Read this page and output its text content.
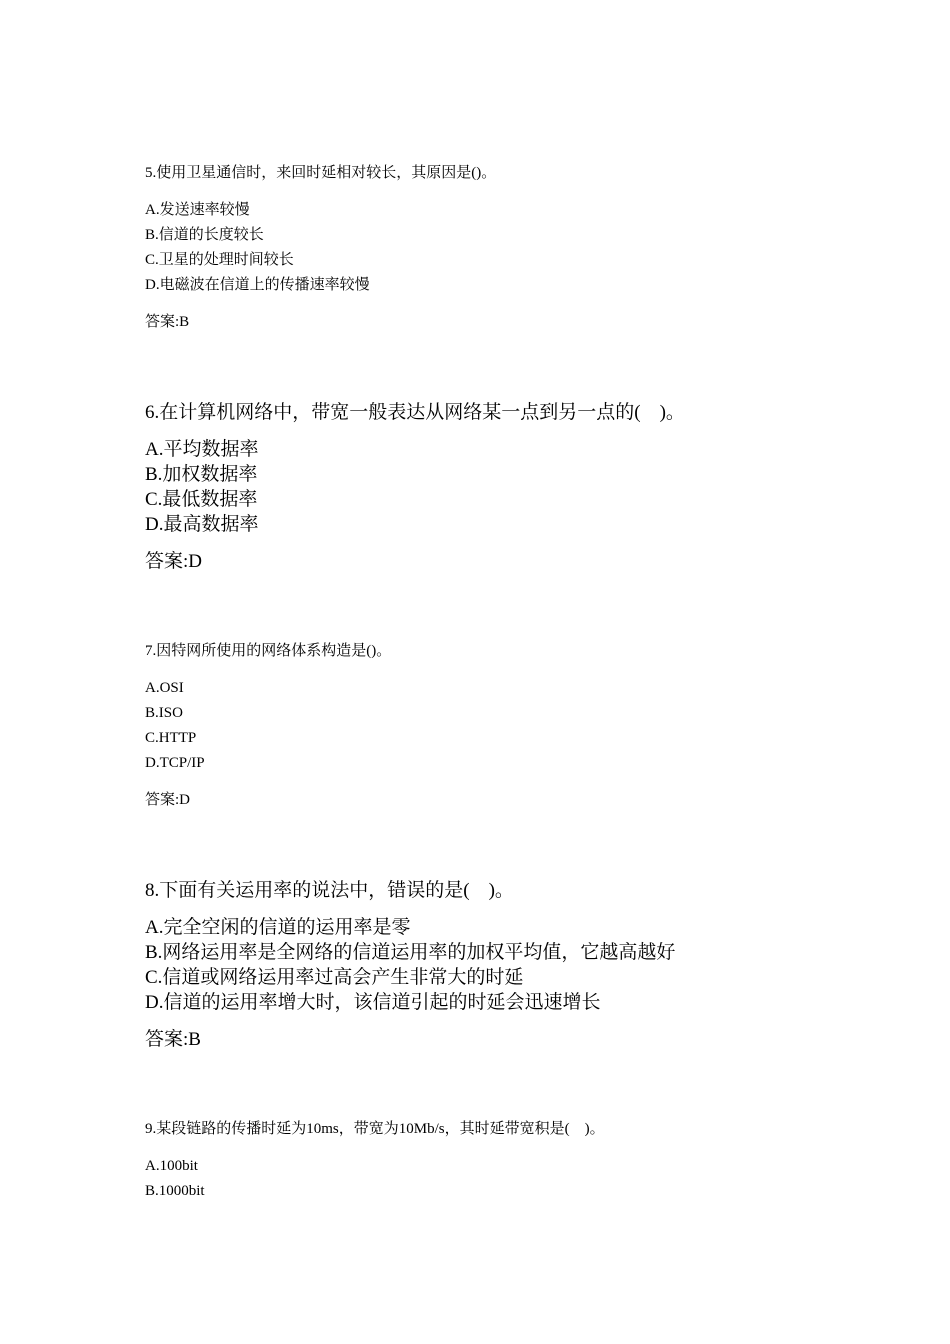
5.使用卫星通信时，来回时延相对较长，其原因是()。
A.发送速率较慢
B.信道的长度较长
C.卫星的处理时间较长
D.电磁波在信道上的传播速率较慢
答案:B
6.在计算机网络中，带宽一般表达从网络某一点到另一点的(　)。
A.平均数据率
B.加权数据率
C.最低数据率
D.最高数据率
答案:D
7.因特网所使用的网络体系构造是()。
A.OSI
B.ISO
C.HTTP
D.TCP/IP
答案:D
8.下面有关运用率的说法中，错误的是(　)。
A.完全空闲的信道的运用率是零
B.网络运用率是全网络的信道运用率的加权平均值，它越高越好
C.信道或网络运用率过高会产生非常大的时延
D.信道的运用率增大时，该信道引起的时延会迅速增长
答案:B
9.某段链路的传播时延为10ms，带宽为10Mb/s，其时延带宽积是(　)。
A.100bit
B.1000bit
